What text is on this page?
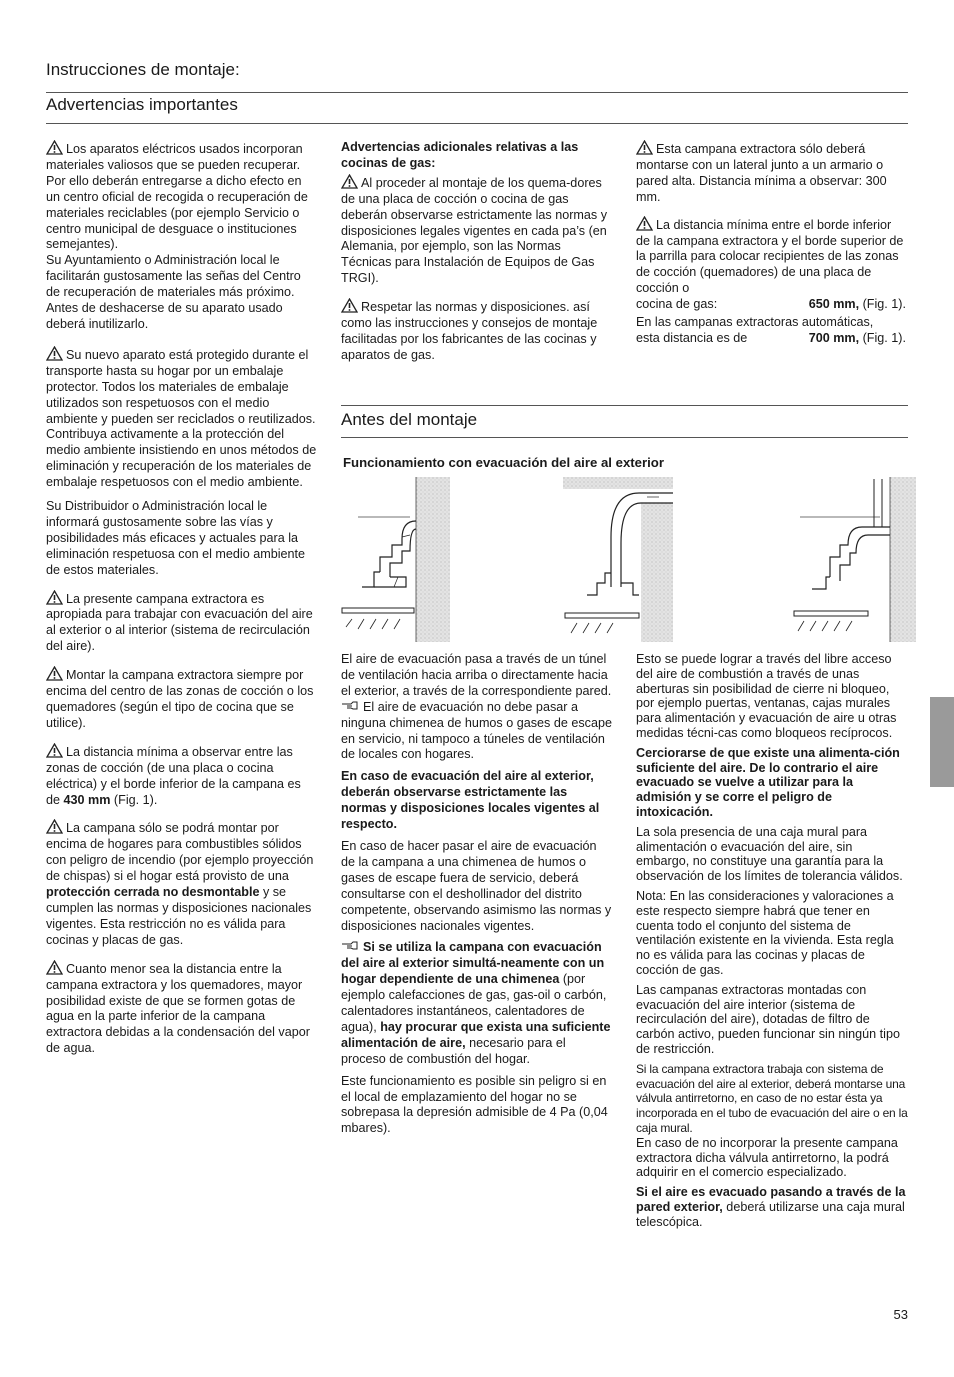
Instrucciones de montaje:
Advertencias importantes

Los aparatos eléctricos usados incorporan materiales valiosos que se pueden recuperar. Por ello deberán entregarse a dicho efecto en un centro oficial de recogida o recuperación de materiales reciclables (por ejemplo Servicio o centro municipal de desguace o instituciones semejantes).

Su Ayuntamiento o Administración local le facilitarán gustosamente las señas del Centro de recuperación de materiales más próximo.

Antes de deshacerse de su aparato usado deberá inutilizarlo.

Su nuevo aparato está protegido durante el transporte hasta su hogar por un embalaje protector. Todos los materiales de embalaje utilizados son respetuosos con el medio ambiente y pueden ser reciclados o reutilizados. Contribuya activamente a la protección del medio ambiente insistiendo en unos métodos de eliminación y recuperación de los materiales de embalaje respetuosos con el medio ambiente.

Su Distribuidor o Administración local le informará gustosamente sobre las vías y posibilidades más eficaces y actuales para la eliminación respetuosa con el medio ambiente de estos materiales.

La presente campana extractora es apropiada para trabajar con evacuación del aire al exterior o al interior (sistema de recirculación del aire).

Montar la campana extractora siempre por encima del centro de las zonas de cocción o los quemadores (según el tipo de cocina que se utilice).

La distancia mínima a observar entre las zonas de cocción (de una placa o cocina eléctrica) y el borde inferior de la campana es de 430 mm (Fig. 1).

La campana sólo se podrá montar por encima de hogares para combustibles sólidos con peligro de incendio (por ejemplo proyección de chispas) si el hogar está provisto de una protección cerrada no desmontable y se cumplen las normas y disposiciones nacionales vigentes. Esta restricción no es válida para cocinas y placas de gas.

Cuanto menor sea la distancia entre la campana extractora y los quemadores, mayor posibilidad existe de que se formen gotas de agua en la parte inferior de la campana extractora debidas a la condensación del vapor de agua.

Advertencias adicionales relativas a las cocinas de gas:

Al proceder al montaje de los quema-dores de una placa de cocción o cocina de gas deberán observarse estrictamente las normas y disposiciones legales vigentes en cada pa’s (en Alemania, por ejemplo, son las Normas Técnicas para Instalación de Equipos de Gas TRGI).

Respetar las normas y disposiciones. así como las instrucciones y consejos de montaje facilitadas por los fabricantes de las cocinas y aparatos de gas.

Esta campana extractora sólo deberá montarse con un lateral junto a un armario o pared alta. Distancia mínima a observar: 300 mm.

La distancia mínima entre el borde inferior de la campana extractora y el borde superior de la parrilla para colocar recipientes de las zonas de cocción (quemadores) de una placa de cocción o

cocina de gas:	650 mm, (Fig. 1).

En las campanas extractoras automáticas,

esta distancia es de	700 mm, (Fig. 1).
Antes del montaje
Funcionamiento con evacuación del aire al exterior

El aire de evacuación pasa a través de un túnel de ventilación hacia arriba o directamente hacia el exterior, a través de la correspondiente pared.

El aire de evacuación no debe pasar a ninguna chimenea de humos o gases de escape en servicio, ni tampoco a túneles de ventilación de locales con hogares.

En caso de evacuación del aire al exterior, deberán observarse estrictamente las normas y disposiciones locales vigentes al respecto.

En caso de hacer pasar el aire de evacuación de la campana a una chimenea de humos o gases de escape fuera de servicio, deberá consultarse con el deshollinador del distrito competente, observando asimismo las normas y disposiciones nacionales vigentes.

Si se utiliza la campana con evacuación del aire al exterior simultá-neamente con un hogar dependiente de una chimenea (por ejemplo calefacciones de gas, gas-oil o carbón, calentadores instantáneos, calentadores de agua), hay procurar que exista una suficiente alimentación de aire, necesario para el proceso de combustión del hogar.

Este funcionamiento es posible sin peligro si en el local de emplazamiento del hogar no se sobrepasa la depresión admisible de 4 Pa (0,04 mbares).

Esto se puede lograr a través del libre acceso del aire de combustión a través de unas aberturas sin posibilidad de cierre ni bloqueo, por ejemplo puertas, ventanas, cajas murales para alimentación y evacuación de aire u otras medidas técni-cas como bloqueos recíprocos.

Cerciorarse de que existe una alimenta-ción suficiente del aire. De lo contrario el aire evacuado se vuelve a utilizar para la admisión y se corre el peligro de intoxicación.

La sola presencia de una caja mural para alimentación o evacuación del aire, sin embargo, no constituye una garantía para la observación de los límites de tolerancia válidos.

Nota: En las consideraciones y valoraciones a este respecto siempre habrá que tener en cuenta todo el conjunto del sistema de ventilación existente en la vivienda. Esta regla no es válida para las cocinas y placas de cocción de gas.

Las campanas extractoras montadas con evacuación del aire interior (sistema de recirculación del aire), dotadas de filtro de carbón activo, pueden funcionar sin ningún tipo de restricción.

Si la campana extractora trabaja con sistema de evacuación del aire al exterior, deberá montarse una válvula antirretorno, en caso de no estar ésta ya incorporada en el tubo de evacuación del aire o en la caja mural.

En caso de no incorporar la presente campana extractora dicha válvula antirretorno, la podrá adquirir en el comercio especializado.

Si el aire es evacuado pasando a través de la pared exterior, deberá utilizarse una caja mural telescópica.

53
